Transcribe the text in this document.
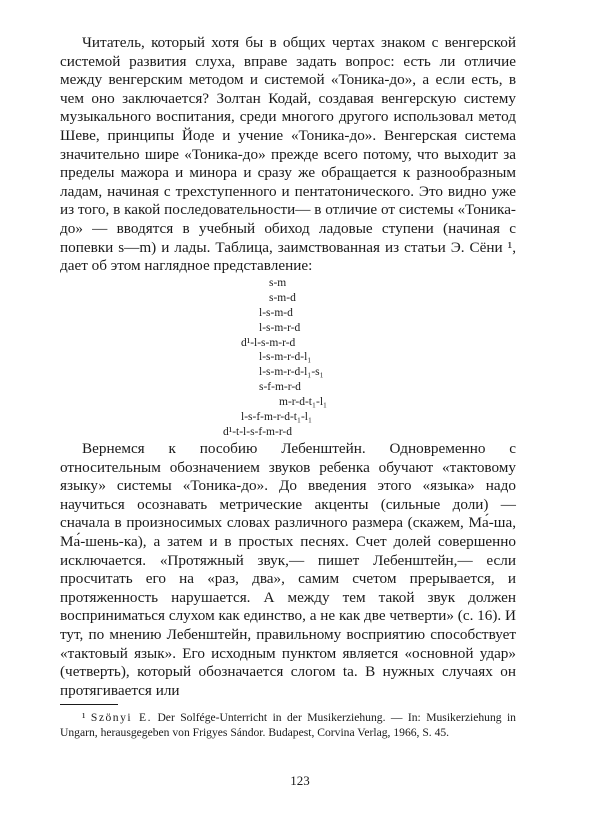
Читатель, который хотя бы в общих чертах знаком с венгерской системой развития слуха, вправе задать вопрос: есть ли отличие между венгерским методом и системой «Тоника-до», а если есть, в чем оно заключается? Золтан Кодай, создавая венгерскую систему музыкального воспитания, среди многого другого использовал метод Шеве, принципы Йоде и учение «Тоника-до». Венгерская система значительно шире «Тоника-до» прежде всего потому, что выходит за пределы мажора и минора и сразу же обращается к разнообразным ладам, начиная с трехступенного и пентатонического. Это видно уже из того, в какой последовательности— в отличие от системы «Тоника-до» — вводятся в учебный обиход ладовые ступени (начиная с попевки s—m) и лады. Таблица, заимствованная из статьи Э. Сёни ¹, дает об этом наглядное представление:

s-m
s-m-d
l-s-m-d
l-s-m-r-d
d¹-l-s-m-r-d
l-s-m-r-d-l₁
l-s-m-r-d-l₁-s₁
s-f-m-r-d
m-r-d-t₁-l₁
l-s-f-m-r-d-t₁-l₁
d¹-t-l-s-f-m-r-d

Вернемся к пособию Лебенштейн. Одновременно с относительным обозначением звуков ребенка обучают «тактовому языку» системы «Тоника-до». До введения этого «языка» надо научиться осознавать метрические акценты (сильные доли) — сначала в произносимых словах различного размера (скажем, Ма́-ша, Ма́-шень-ка), а затем и в простых песнях. Счет долей совершенно исключается. «Протяжный звук,— пишет Лебенштейн,— если просчитать его на «раз, два», самим счетом прерывается, и протяженность нарушается. А между тем такой звук должен восприниматься слухом как единство, а не как две четверти» (с. 16). И тут, по мнению Лебенштейн, правильному восприятию способствует «тактовый язык». Его исходным пунктом является «основной удар» (четверть), который обозначается слогом ta. В нужных случаях он протягивается или

¹ Szönyi E. Der Solfége-Unterricht in der Musikerziehung. — In: Musikerziehung in Ungarn, herausgegeben von Frigyes Sándor. Budapest, Corvina Verlag, 1966, S. 45.

123
